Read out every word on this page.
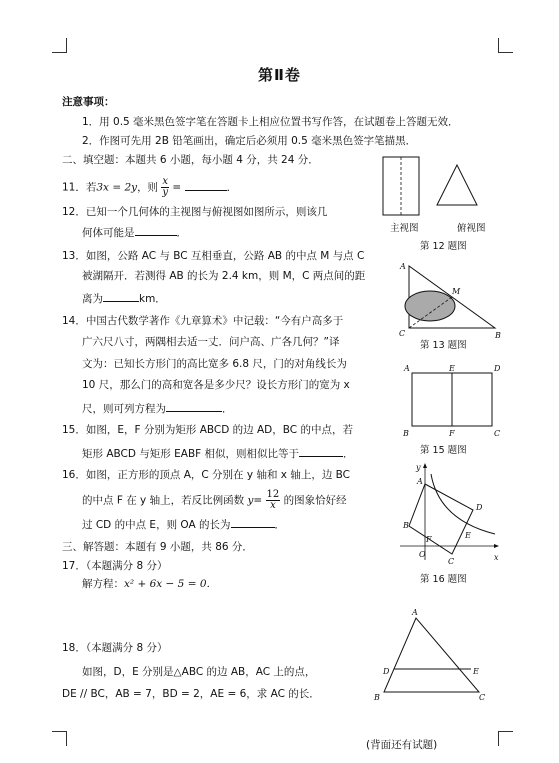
第Ⅱ卷
注意事项：
1．用 0.5 毫米黑色签字笔在答题卡上相应位置书写作答，在试题卷上答题无效．
2．作图可先用 2B 铅笔画出，确定后必须用 0.5 毫米黑色签字笔描黑．
二、填空题：本题共 6 小题，每小题 4 分，共 24 分．
11．若3x = 2y，则 $\frac{x}{y}$ =	．
12．已知一个几何体的主视图与俯视图如图所示，则该几
何体可能是	．
13．如图，公路 AC 与 BC 互相垂直，公路 AB 的中点 M 与点 C
被湖隔开．若测得 AB 的长为 2.4 km，则 M，C 两点间的距
离为	km．
14．中国古代数学著作《九章算术》中记载：“今有户高多于
广六尺八寸，两隅相去适一丈．问户高、广各几何？”译
文为：已知长方形门的高比宽多 6.8 尺，门的对角线长为
10 尺，那么门的高和宽各是多少尺？设长方形门的宽为 x
尺，则可列方程为	．
15．如图，E，F 分别为矩形 ABCD 的边 AD，BC 的中点，若
矩形 ABCD 与矩形 EABF 相似，则相似比等于	．
16．如图，正方形的顶点 A，C 分别在 y 轴和 x 轴上，边 BC
的中点 F 在 y 轴上，若反比例函数 $y= \frac{12}{x}$ 的图象恰好经
过 CD 的中点 E，则 OA 的长为	．
三、解答题：本题有 9 小题，共 86 分．
17．（本题满分 8 分）
解方程：x² + 6x − 5 = 0．
18．（本题满分 8 分）
如图，D，E 分别是△ABC 的边 AB，AC 上的点，
DE // BC，AB = 7，BD = 2，AE = 6，求 AC 的长．
主视图	俯视图
第 12 题图
A
C	B
M
第 13 题图
A	E	D
B	F	C
第 15 题图
y
x
A
B
F
O
C
E
D
第 16 题图
A
D	E
B	C
(背面还有试题)
